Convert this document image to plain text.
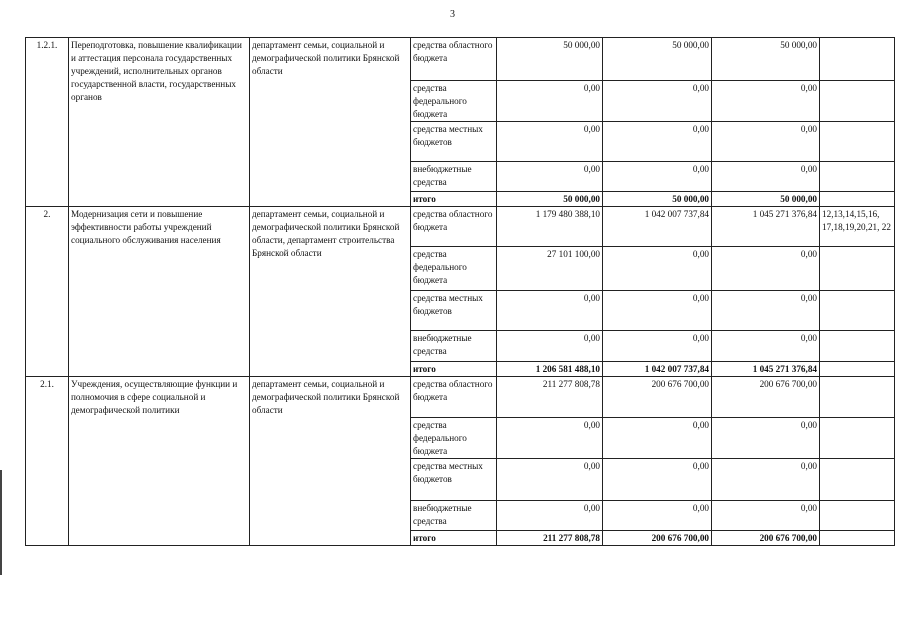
3
1.2.1.	Переподготовка, повышение квалификации и аттестация персонала государственных учреждений, исполнительных органов государственной власти, государственных органов	департамент семьи, социальной и демографической политики Брянской области	средства областного бюджета	50 000,00	50 000,00	50 000,00	
			средства федерального бюджета	0,00	0,00	0,00	
			средства местных бюджетов	0,00	0,00	0,00	
			внебюджетные средства	0,00	0,00	0,00	
			итого	50 000,00	50 000,00	50 000,00	
2.	Модернизация сети и повышение эффективности работы учреждений социального обслуживания населения	департамент семьи, социальной и демографической политики Брянской области, департамент строительства Брянской области	средства областного бюджета	1 179 480 388,10	1 042 007 737,84	1 045 271 376,84	12,13,14,15,16, 17,18,19,20,21, 22
			средства федерального бюджета	27 101 100,00	0,00	0,00	
			средства местных бюджетов	0,00	0,00	0,00	
			внебюджетные средства	0,00	0,00	0,00	
			итого	1 206 581 488,10	1 042 007 737,84	1 045 271 376,84	
2.1.	Учреждения, осуществляющие функции и полномочия в сфере социальной и демографической политики	департамент семьи, социальной и демографической политики Брянской области	средства областного бюджета	211 277 808,78	200 676 700,00	200 676 700,00	
			средства федерального бюджета	0,00	0,00	0,00	
			средства местных бюджетов	0,00	0,00	0,00	
			внебюджетные средства	0,00	0,00	0,00	
			итого	211 277 808,78	200 676 700,00	200 676 700,00	
